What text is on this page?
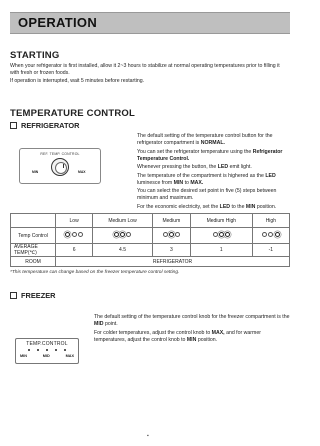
OPERATION
STARTING
When your refrigerator is first installed, allow it 2~3 hours to stabilize at normal operating temperatures prior to filling it with fresh or frozen foods.
If operation is interrupted, wait 5 minutes before restarting.
TEMPERATURE CONTROL
REFRIGERATOR
REF. TEMP. CONTROL
MIN	MAX
The default setting of the temperature control button for the refrigerator compartment is NORMAL.
You can set the refrigerator temperature using the Refrigerator Temperature Control.
Whenever pressing the button, the LED emit light.
The temperature of the compartment is highered as the LED luminesce from MIN to MAX.
You can select the desired set point in five (5) steps between minimum and maximum.
For the economic electricity, set the LED to the MIN position.
	Low	Medium Low	Medium	Medium High	High
Temp Control	

AVERAGE TEMP(℃)	6	4.5	3	1	-1
ROOM	REFRIGERATOR				
*This temperature can change based on the freezer temperature control setting.
FREEZER
TEMP.CONTROL
MIN	MID	MAX
The default setting of the temperature control knob for the freezer compartment is the MID point.
For colder temperatures, adjust the control knob to MAX, and for warmer temperatures, adjust the control knob to MIN position.
▪
